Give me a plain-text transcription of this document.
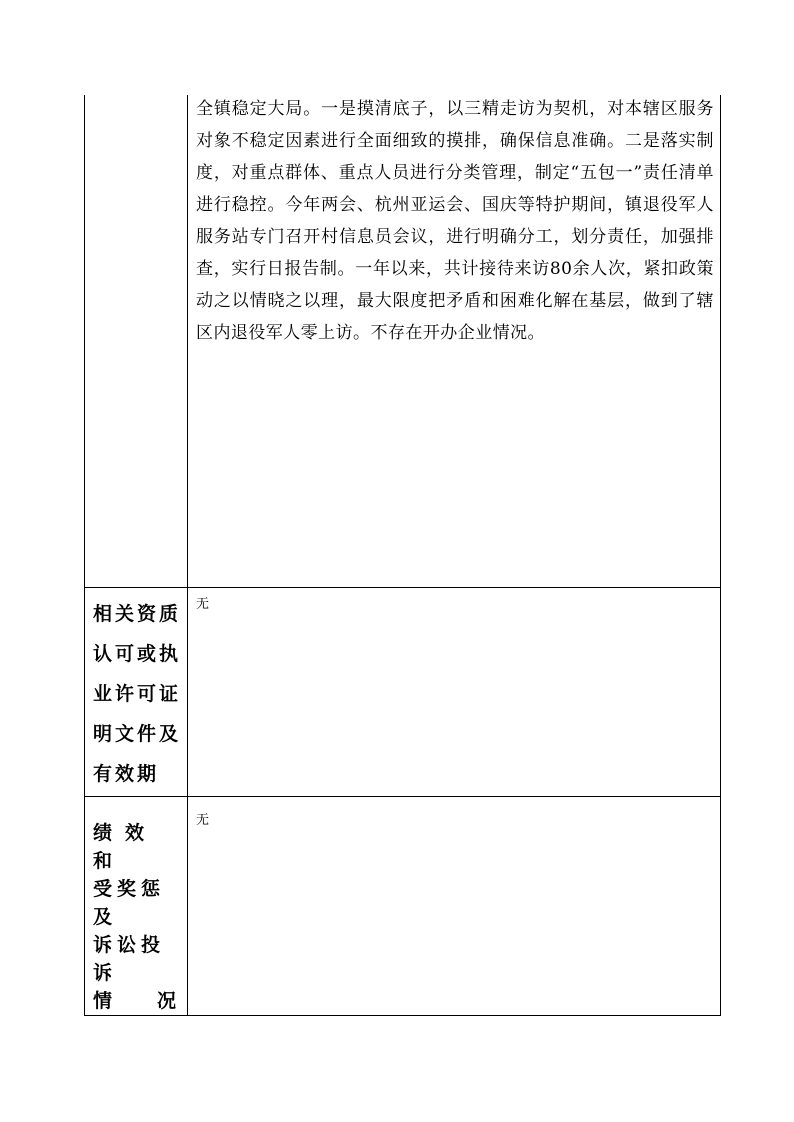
	全镇稳定大局。一是摸清底子，以三精走访为契机，对本辖区服务对象不稳定因素进行全面细致的摸排，确保信息准确。二是落实制度，对重点群体、重点人员进行分类管理，制定“五包一”责任清单进行稳控。今年两会、杭州亚运会、国庆等特护期间，镇退役军人服务站专门召开村信息员会议，进行明确分工，划分责任，加强排查，实行日报告制。一年以来，共计接待来访80余人次，紧扣政策动之以情晓之以理，最大限度把矛盾和困难化解在基层，做到了辖区内退役军人零上访。不存在开办企业情况。

相关资质
认可或执
业许可证
明文件及
有效期	无

绩效和
受奖惩及
诉讼投诉
情 况	无
